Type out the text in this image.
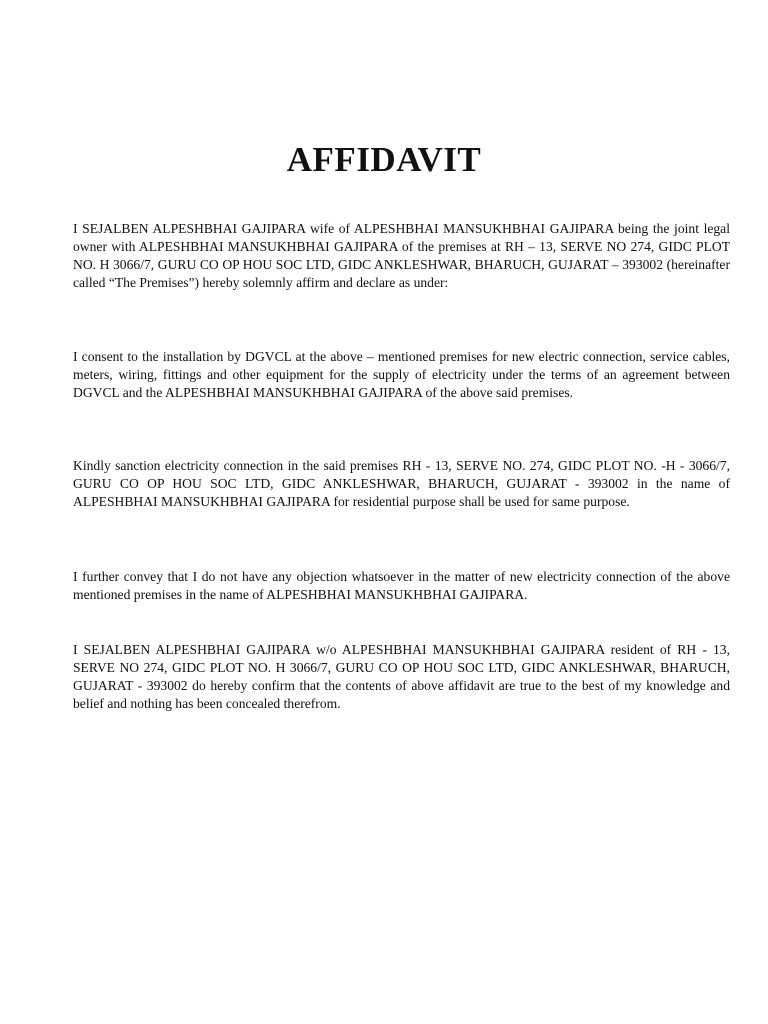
AFFIDAVIT

I SEJALBEN ALPESHBHAI GAJIPARA wife of ALPESHBHAI MANSUKHBHAI GAJIPARA being the joint legal owner with ALPESHBHAI MANSUKHBHAI GAJIPARA of the premises at RH – 13, SERVE NO 274, GIDC PLOT NO. H 3066/7, GURU CO OP HOU SOC LTD, GIDC ANKLESHWAR, BHARUCH, GUJARAT – 393002 (hereinafter called “The Premises”) hereby solemnly affirm and declare as under:

I consent to the installation by DGVCL at the above – mentioned premises for new electric connection, service cables, meters, wiring, fittings and other equipment for the supply of electricity under the terms of an agreement between DGVCL and the ALPESHBHAI MANSUKHBHAI GAJIPARA of the above said premises.

Kindly sanction electricity connection in the said premises RH - 13, SERVE NO. 274, GIDC PLOT NO. -H - 3066/7, GURU CO OP HOU SOC LTD, GIDC ANKLESHWAR, BHARUCH, GUJARAT - 393002 in the name of ALPESHBHAI MANSUKHBHAI GAJIPARA for residential purpose shall be used for same purpose.

I further convey that I do not have any objection whatsoever in the matter of new electricity connection of the above mentioned premises in the name of ALPESHBHAI MANSUKHBHAI GAJIPARA.

I SEJALBEN ALPESHBHAI GAJIPARA w/o ALPESHBHAI MANSUKHBHAI GAJIPARA resident of RH - 13, SERVE NO 274, GIDC PLOT NO. H 3066/7, GURU CO OP HOU SOC LTD, GIDC ANKLESHWAR, BHARUCH, GUJARAT - 393002 do hereby confirm that the contents of above affidavit are true to the best of my knowledge and belief and nothing has been concealed therefrom.
